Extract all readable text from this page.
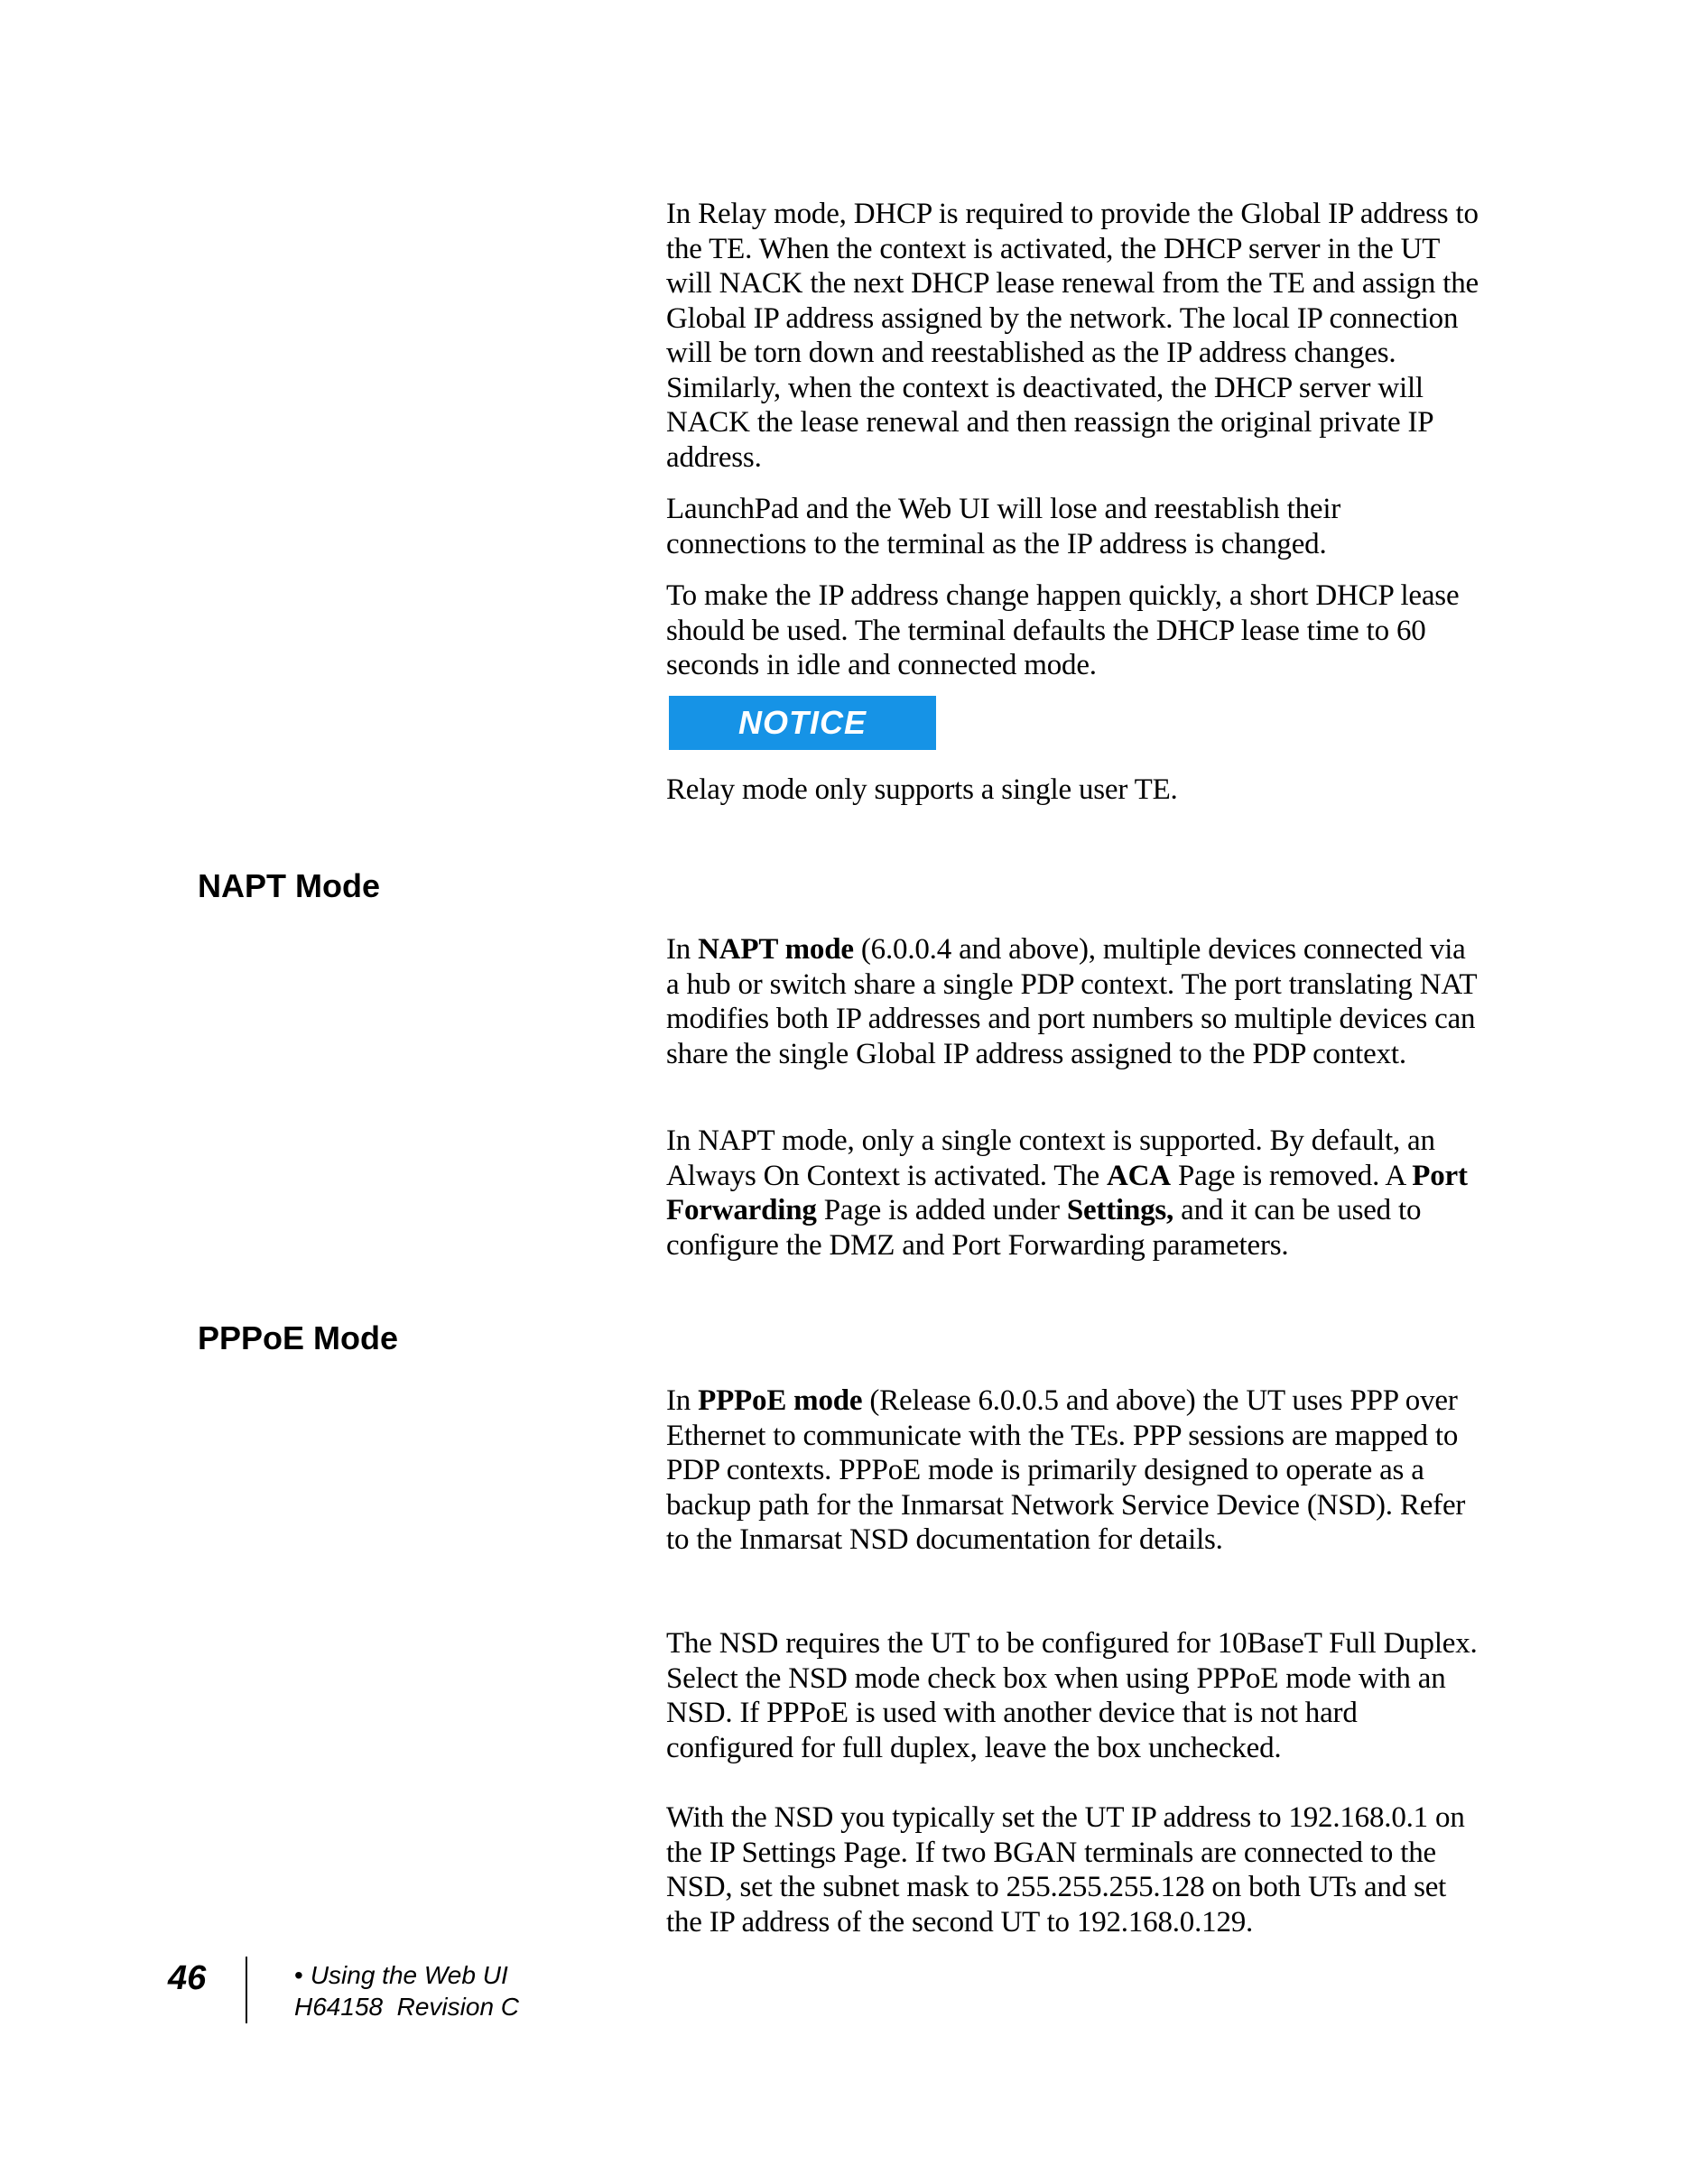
In Relay mode, DHCP is required to provide the Global IP address to the TE. When the context is activated, the DHCP server in the UT will NACK the next DHCP lease renewal from the TE and assign the Global IP address assigned by the network. The local IP connection will be torn down and reestablished as the IP address changes. Similarly, when the context is deactivated, the DHCP server will NACK the lease renewal and then reassign the original private IP address.

LaunchPad and the Web UI will lose and reestablish their connections to the terminal as the IP address is changed.

To make the IP address change happen quickly, a short DHCP lease should be used. The terminal defaults the DHCP lease time to 60 seconds in idle and connected mode.

NOTICE

Relay mode only supports a single user TE.

NAPT Mode

In NAPT mode (6.0.0.4 and above), multiple devices connected via a hub or switch share a single PDP context. The port translating NAT modifies both IP addresses and port numbers so multiple devices can share the single Global IP address assigned to the PDP context.

In NAPT mode, only a single context is supported. By default, an Always On Context is activated. The ACA Page is removed. A Port Forwarding Page is added under Settings, and it can be used to configure the DMZ and Port Forwarding parameters.

PPPoE Mode

In PPPoE mode (Release 6.0.0.5 and above) the UT uses PPP over Ethernet to communicate with the TEs. PPP sessions are mapped to PDP contexts. PPPoE mode is primarily designed to operate as a backup path for the Inmarsat Network Service Device (NSD). Refer to the Inmarsat NSD documentation for details.

The NSD requires the UT to be configured for 10BaseT Full Duplex. Select the NSD mode check box when using PPPoE mode with an NSD. If PPPoE is used with another device that is not hard configured for full duplex, leave the box unchecked.

With the NSD you typically set the UT IP address to 192.168.0.1 on the IP Settings Page. If two BGAN terminals are connected to the NSD, set the subnet mask to 255.255.255.128 on both UTs and set the IP address of the second UT to 192.168.0.129.

46	• Using the Web UI
H64158  Revision C
